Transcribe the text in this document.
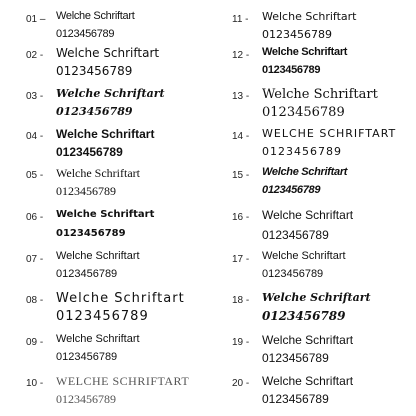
01 – Welche Schriftart
0123456789
02 - Welche Schriftart
0123456789
03 - Welche Schriftart
0123456789
04 - Welche Schriftart
0123456789
05 - Welche Schriftart
0123456789
06 - Welche Schriftart
0123456789
07 - Welche Schriftart
0123456789
08 - Welche Schriftart
0123456789
09 - Welche Schriftart
0123456789
10 - WELCHE SCHRIFTART
0123456789
11 - Welche Schriftart
0123456789
12 - Welche Schriftart
0123456789
13 - Welche Schriftart
0123456789
14 - WELCHE SCHRIFTART
0123456789
15 - Welche Schriftart
0123456789
16 - Welche Schriftart
0123456789
17 - Welche Schriftart
0123456789
18 - Welche Schriftart
0123456789
19 - Welche Schriftart
0123456789
20 - Welche Schriftart
0123456789
